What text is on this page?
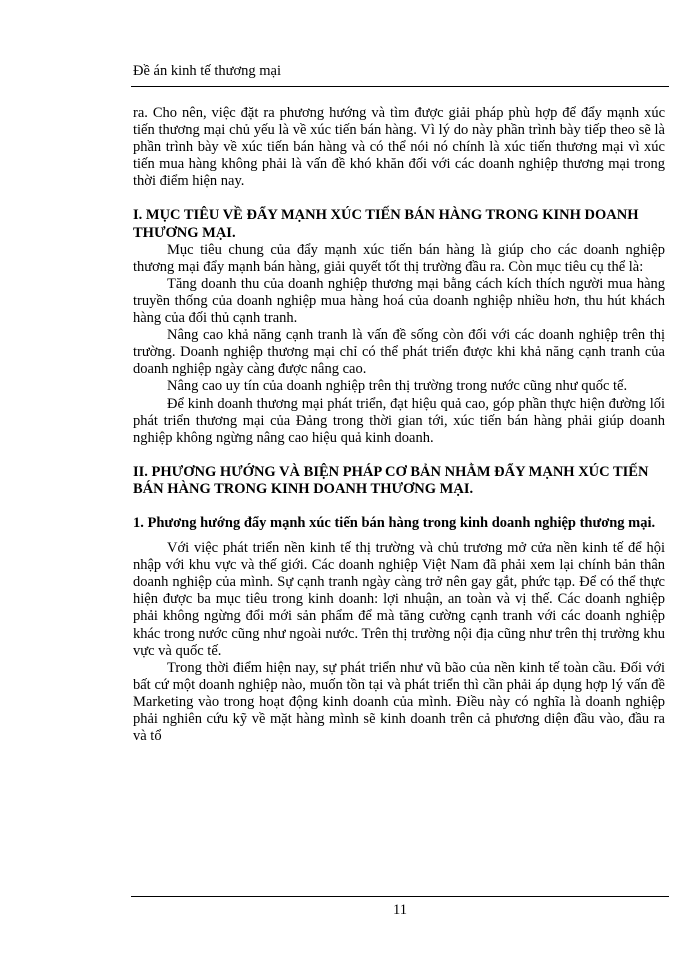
Đề án kinh tế thương mại

ra. Cho nên, việc đặt ra phương hướng và tìm được giải pháp phù hợp để đẩy mạnh xúc tiến thương mại chủ yếu là về xúc tiến bán hàng. Vì lý do này phần trình bày tiếp theo sẽ là phần trình bày về xúc tiến bán hàng và có thể nói nó chính là xúc tiến thương mại vì xúc tiến mua hàng không phải là vấn đề khó khăn đối với các doanh nghiệp thương mại trong thời điểm hiện nay.

I. MỤC TIÊU VỀ ĐẨY MẠNH XÚC TIẾN BÁN HÀNG TRONG KINH DOANH THƯƠNG MẠI.

Mục tiêu chung của đẩy mạnh xúc tiến bán hàng là giúp cho các doanh nghiệp thương mại đẩy mạnh bán hàng, giải quyết tốt thị trường đầu ra. Còn mục tiêu cụ thể là:

Tăng doanh thu của doanh nghiệp thương mại bằng cách kích thích người mua hàng truyền thống của doanh nghiệp mua hàng hoá của doanh nghiệp nhiều hơn, thu hút khách hàng của đối thủ cạnh tranh.

Nâng cao khả năng cạnh tranh là vấn đề sống còn đối với các doanh nghiệp trên thị trường. Doanh nghiệp thương mại chỉ có thể phát triển được khi khả năng cạnh tranh của doanh nghiệp ngày càng được nâng cao.

Nâng cao uy tín của doanh nghiệp trên thị trường trong nước cũng như quốc tế.

Để kinh doanh thương mại phát triển, đạt hiệu quả cao, góp phần thực hiện đường lối phát triển thương mại của Đảng trong thời gian tới, xúc tiến bán hàng phải giúp doanh nghiệp không ngừng nâng cao hiệu quả kinh doanh.

II. PHƯƠNG HƯỚNG VÀ BIỆN PHÁP CƠ BẢN NHẰM ĐẨY MẠNH XÚC TIẾN BÁN HÀNG TRONG KINH DOANH THƯƠNG MẠI.
1. Phương hướng đẩy mạnh xúc tiến bán hàng trong kinh doanh nghiệp thương mại.

Với việc phát triển nền kinh tế thị trường và chủ trương mở cửa nền kinh tế để hội nhập với khu vực và thế giới. Các doanh nghiệp Việt Nam đã phải xem lại chính bản thân doanh nghiệp của mình. Sự cạnh tranh ngày càng trở nên gay gắt, phức tạp. Để có thể thực hiện được ba mục tiêu trong kinh doanh: lợi nhuận, an toàn và vị thế. Các doanh nghiệp phải không ngừng đổi mới sản phẩm để mà tăng cường cạnh tranh với các doanh nghiệp khác trong nước cũng như ngoài nước. Trên thị trường nội địa cũng như trên thị trường khu vực và quốc tế.

Trong thời điểm hiện nay, sự phát triển như vũ bão của nền kinh tế toàn cầu. Đối với bất cứ một doanh nghiệp nào, muốn tồn tại và phát triển thì cần phải áp dụng hợp lý vấn đề Marketing vào trong hoạt động kinh doanh của mình. Điều này có nghĩa là doanh nghiệp phải nghiên cứu kỹ về mặt hàng mình sẽ kinh doanh trên cả phương diện đầu vào, đầu ra và tổ

11
